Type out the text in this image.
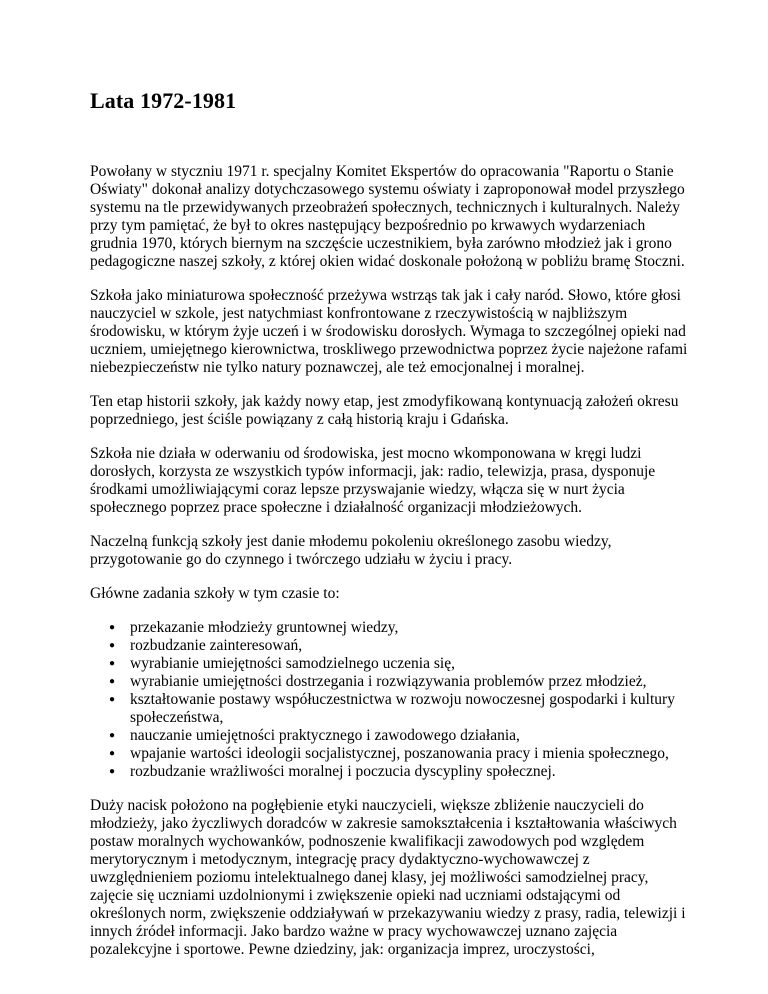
Lata 1972-1981

Powołany w styczniu 1971 r. specjalny Komitet Ekspertów do opracowania "Raportu o Stanie Oświaty" dokonał analizy dotychczasowego systemu oświaty i zaproponował model przyszłego systemu na tle przewidywanych przeobrażeń społecznych, technicznych i kulturalnych. Należy przy tym pamiętać, że był to okres następujący bezpośrednio po krwawych wydarzeniach grudnia 1970, których biernym na szczęście uczestnikiem, była zarówno młodzież jak i grono pedagogiczne naszej szkoły, z której okien widać doskonale położoną w pobliżu bramę Stoczni.

Szkoła jako miniaturowa społeczność przeżywa wstrząs tak jak i cały naród. Słowo, które głosi nauczyciel w szkole, jest natychmiast konfrontowane z rzeczywistością w najbliższym środowisku, w którym żyje uczeń i w środowisku dorosłych. Wymaga to szczególnej opieki nad uczniem, umiejętnego kierownictwa, troskliwego przewodnictwa poprzez życie najeżone rafami niebezpieczeństw nie tylko natury poznawczej, ale też emocjonalnej i moralnej.

Ten etap historii szkoły, jak każdy nowy etap, jest zmodyfikowaną kontynuacją założeń okresu poprzedniego, jest ściśle powiązany z całą historią kraju i Gdańska.

Szkoła nie działa w oderwaniu od środowiska, jest mocno wkomponowana w kręgi ludzi dorosłych, korzysta ze wszystkich typów informacji, jak: radio, telewizja, prasa, dysponuje środkami umożliwiającymi coraz lepsze przyswajanie wiedzy, włącza się w nurt życia społecznego poprzez prace społeczne i działalność organizacji młodzieżowych.

Naczelną funkcją szkoły jest danie młodemu pokoleniu określonego zasobu wiedzy, przygotowanie go do czynnego i twórczego udziału w życiu i pracy.

Główne zadania szkoły w tym czasie to:

● przekazanie młodzieży gruntownej wiedzy,
● rozbudzanie zainteresowań,
● wyrabianie umiejętności samodzielnego uczenia się,
● wyrabianie umiejętności dostrzegania i rozwiązywania problemów przez młodzież,
● kształtowanie postawy współuczestnictwa w rozwoju nowoczesnej gospodarki i kultury społeczeństwa,
● nauczanie umiejętności praktycznego i zawodowego działania,
● wpajanie wartości ideologii socjalistycznej, poszanowania pracy i mienia społecznego,
● rozbudzanie wrażliwości moralnej i poczucia dyscypliny społecznej.

Duży nacisk położono na pogłębienie etyki nauczycieli, większe zbliżenie nauczycieli do młodzieży, jako życzliwych doradców w zakresie samokształcenia i kształtowania właściwych postaw moralnych wychowanków, podnoszenie kwalifikacji zawodowych pod względem merytorycznym i metodycznym, integrację pracy dydaktyczno-wychowawczej z uwzględnieniem poziomu intelektualnego danej klasy, jej możliwości samodzielnej pracy, zajęcie się uczniami uzdolnionymi i zwiększenie opieki nad uczniami odstającymi od określonych norm, zwiększenie oddziaływań w przekazywaniu wiedzy z prasy, radia, telewizji i innych źródeł informacji. Jako bardzo ważne w pracy wychowawczej uznano zajęcia pozalekcyjne i sportowe. Pewne dziedziny, jak: organizacja imprez, uroczystości,
